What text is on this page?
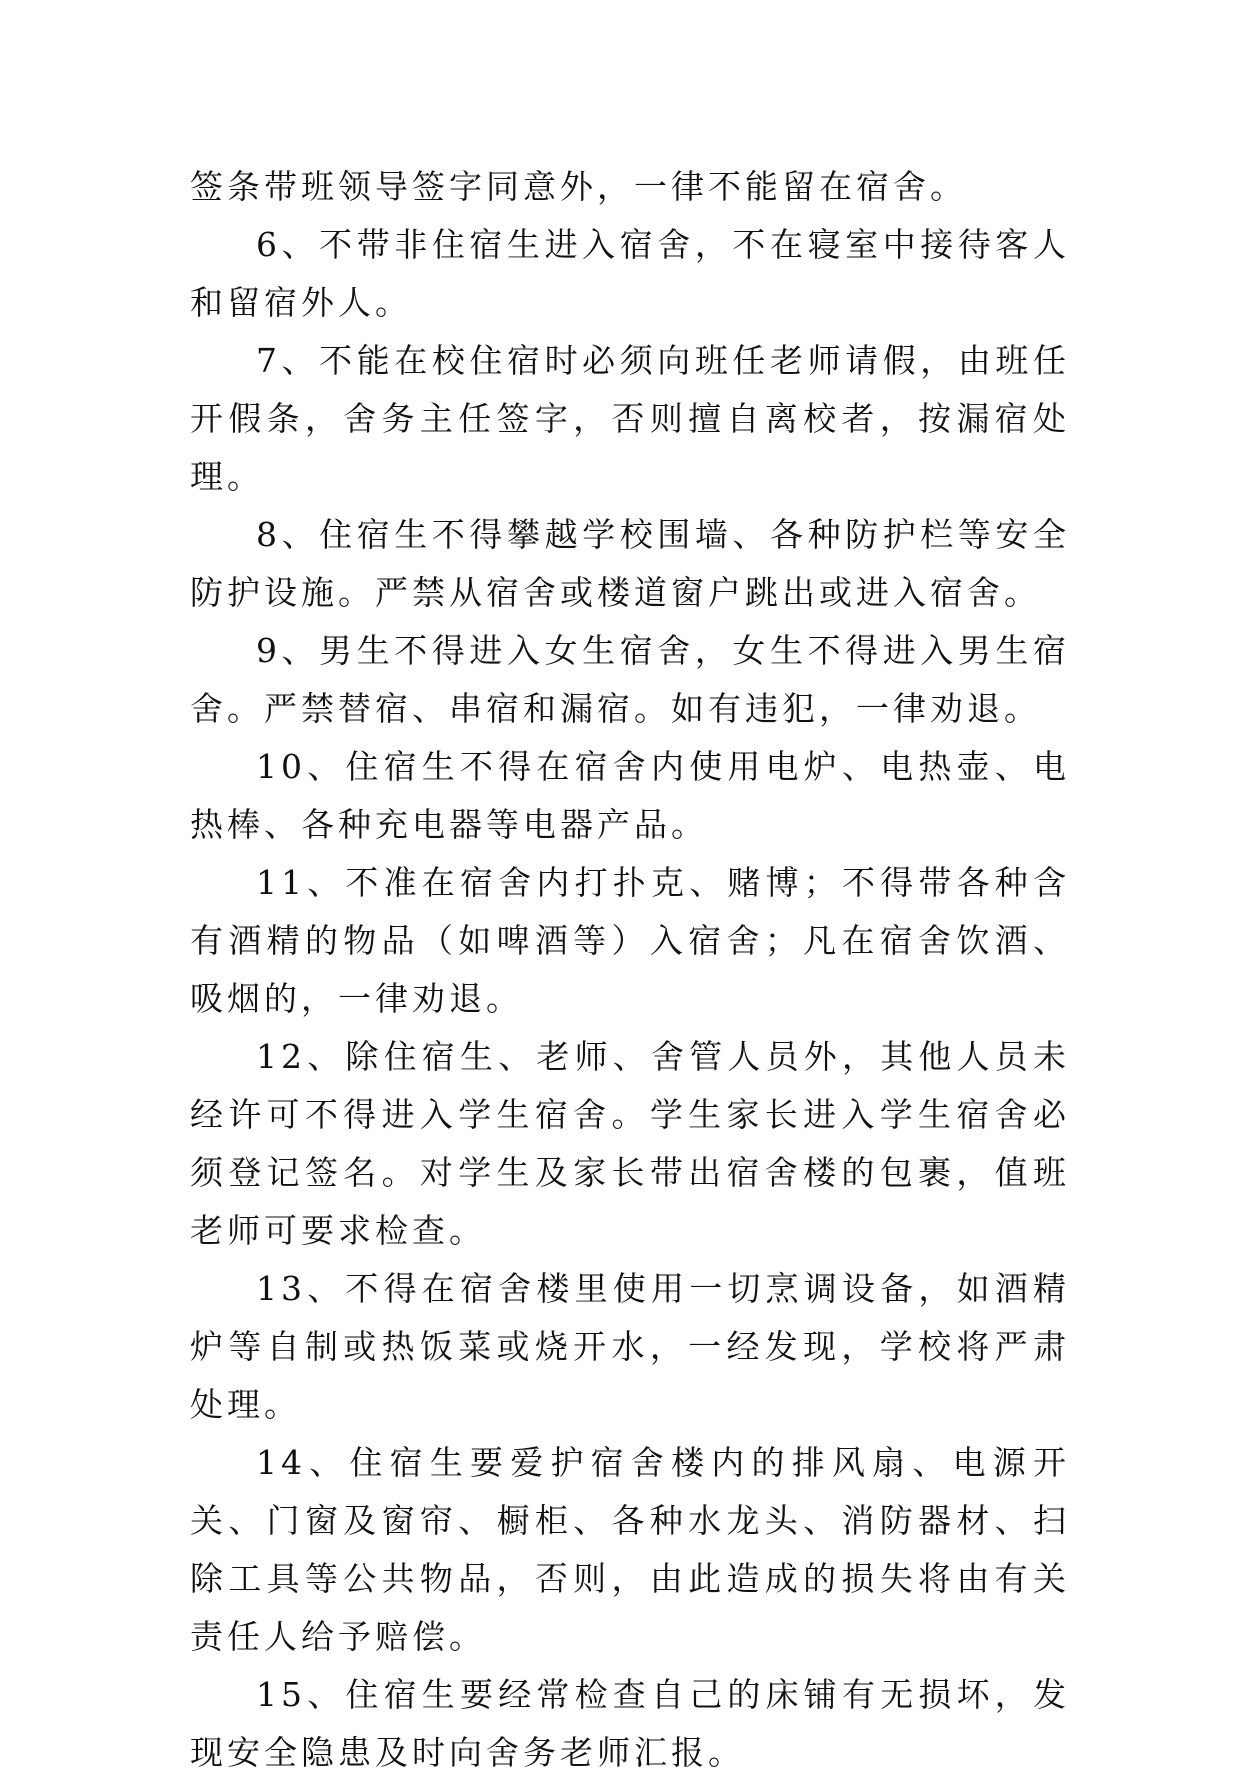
签条带班领导签字同意外，一律不能留在宿舍。

6、不带非住宿生进入宿舍，不在寝室中接待客人和留宿外人。

7、不能在校住宿时必须向班任老师请假，由班任开假条，舍务主任签字，否则擅自离校者，按漏宿处理。

8、住宿生不得攀越学校围墙、各种防护栏等安全防护设施。严禁从宿舍或楼道窗户跳出或进入宿舍。

9、男生不得进入女生宿舍，女生不得进入男生宿舍。严禁替宿、串宿和漏宿。如有违犯，一律劝退。

10、住宿生不得在宿舍内使用电炉、电热壶、电热棒、各种充电器等电器产品。

11、不准在宿舍内打扑克、赌博；不得带各种含有酒精的物品（如啤酒等）入宿舍；凡在宿舍饮酒、吸烟的，一律劝退。

12、除住宿生、老师、舍管人员外，其他人员未经许可不得进入学生宿舍。学生家长进入学生宿舍必须登记签名。对学生及家长带出宿舍楼的包裹，值班老师可要求检查。

13、不得在宿舍楼里使用一切烹调设备，如酒精炉等自制或热饭菜或烧开水，一经发现，学校将严肃处理。

14、住宿生要爱护宿舍楼内的排风扇、电源开关、门窗及窗帘、橱柜、各种水龙头、消防器材、扫除工具等公共物品，否则，由此造成的损失将由有关责任人给予赔偿。

15、住宿生要经常检查自己的床铺有无损坏，发现安全隐患及时向舍务老师汇报。
